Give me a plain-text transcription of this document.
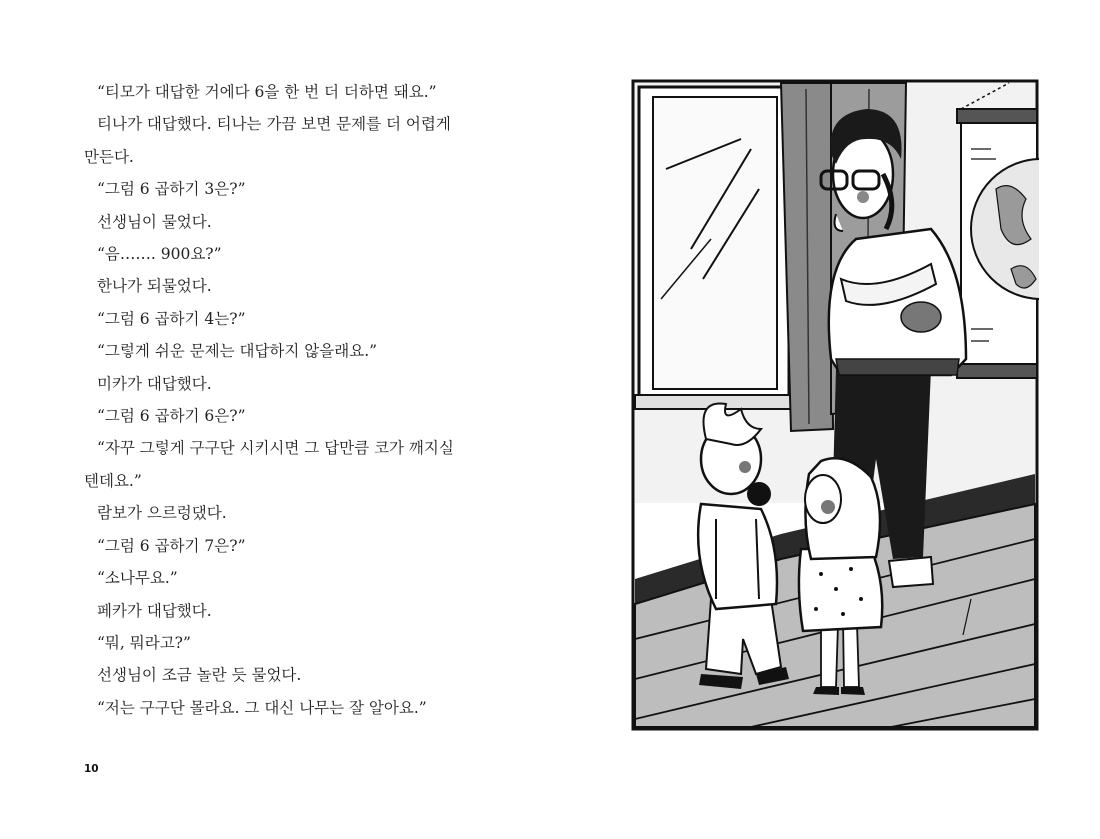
“티모가 대답한 거에다 6을 한 번 더 더하면 돼요.”

티나가 대답했다. 티나는 가끔 보면 문제를 더 어렵게

만든다.

“그럼 6 곱하기 3은?”

선생님이 물었다.

“음……. 900요?”

한나가 되물었다.

“그럼 6 곱하기 4는?”

“그렇게 쉬운 문제는 대답하지 않을래요.”

미카가 대답했다.

“그럼 6 곱하기 6은?”

“자꾸 그렇게 구구단 시키시면 그 답만큼 코가 깨지실

텐데요.”

람보가 으르렁댔다.

“그럼 6 곱하기 7은?”

“소나무요.”

페카가 대답했다.

“뭐, 뭐라고?”

선생님이 조금 놀란 듯 물었다.

“저는 구구단 몰라요. 그 대신 나무는 잘 알아요.”

10
